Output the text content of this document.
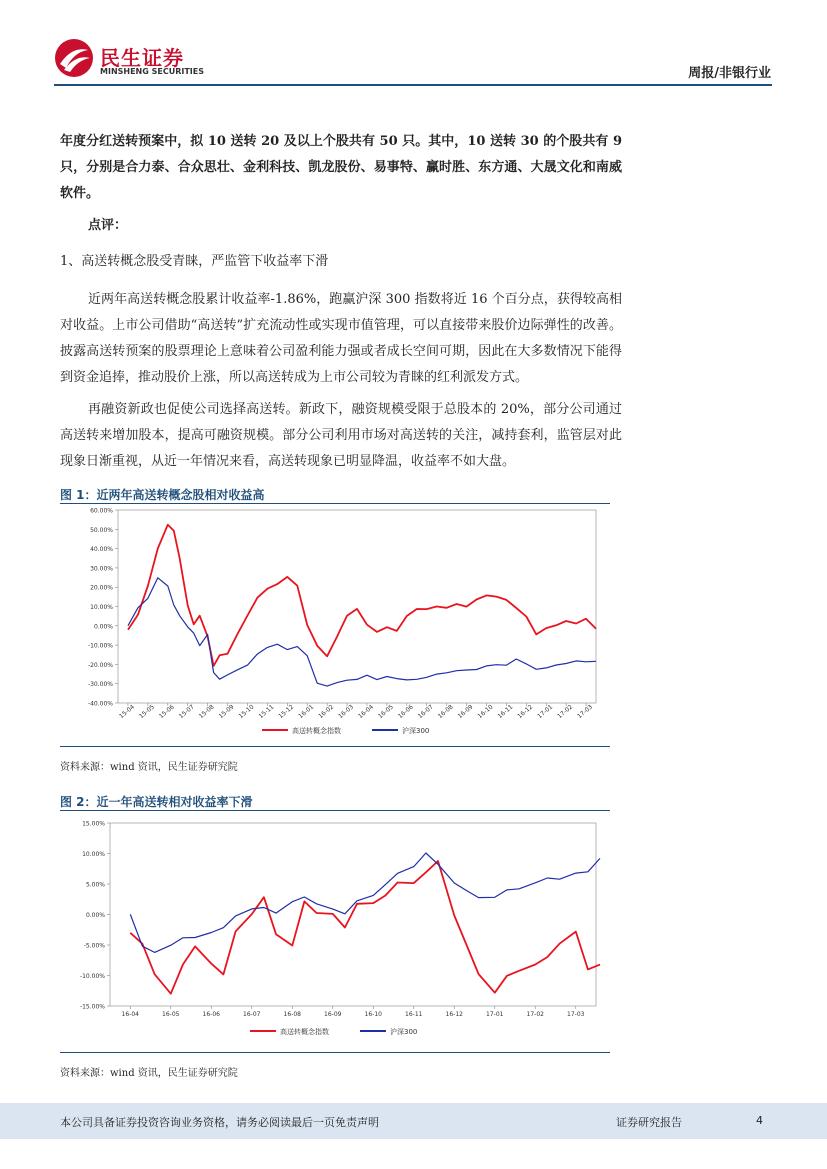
民生证券
MINSHENG SECURITIES	周报/非银行业
年度分红送转预案中，拟 10 送转 20 及以上个股共有 50 只。其中，10 送转 30 的个股共有 9 只，分别是合力泰、合众思壮、金利科技、凯龙股份、易事特、赢时胜、东方通、大晟文化和南威软件。
点评：
1、高送转概念股受青睐，严监管下收益率下滑
近两年高送转概念股累计收益率-1.86%，跑赢沪深 300 指数将近 16 个百分点，获得较高相对收益。上市公司借助“高送转”扩充流动性或实现市值管理，可以直接带来股价边际弹性的改善。披露高送转预案的股票理论上意味着公司盈利能力强或者成长空间可期，因此在大多数情况下能得到资金追捧，推动股价上涨，所以高送转成为上市公司较为青睐的红利派发方式。
再融资新政也促使公司选择高送转。新政下，融资规模受限于总股本的 20%，部分公司通过高送转来增加股本，提高可融资规模。部分公司利用市场对高送转的关注，减持套利，监管层对此现象日渐重视，从近一年情况来看，高送转现象已明显降温，收益率不如大盘。
图 1：近两年高送转概念股相对收益高
60.00%
50.00%
40.00%
30.00%
20.00%
10.00%
0.00%
-10.00%
-20.00%
-30.00%
-40.00% 15-04 15-05 15-06 15-07 15-08 15-09 15-10 15-11 15-12 16-01 16-02 16-03 16-04 16-05 16-06 16-07 16-08 16-09 16-10 16-11 16-12 17-01 17-02 17-03
高送转概念指数	沪深300
资料来源：wind 资讯，民生证券研究院
图 2：近一年高送转相对收益率下滑
15.00%
10.00%
5.00%
0.00%
-5.00%
-10.00%
-15.00%
16-04	16-05	16-06	16-07	16-08	16-09	16-10	16-11	16-12	17-01	17-02	17-03
高送转概念指数	沪深300
资料来源：wind 资讯，民生证券研究院
本公司具备证券投资咨询业务资格，请务必阅读最后一页免责声明	证券研究报告	4
